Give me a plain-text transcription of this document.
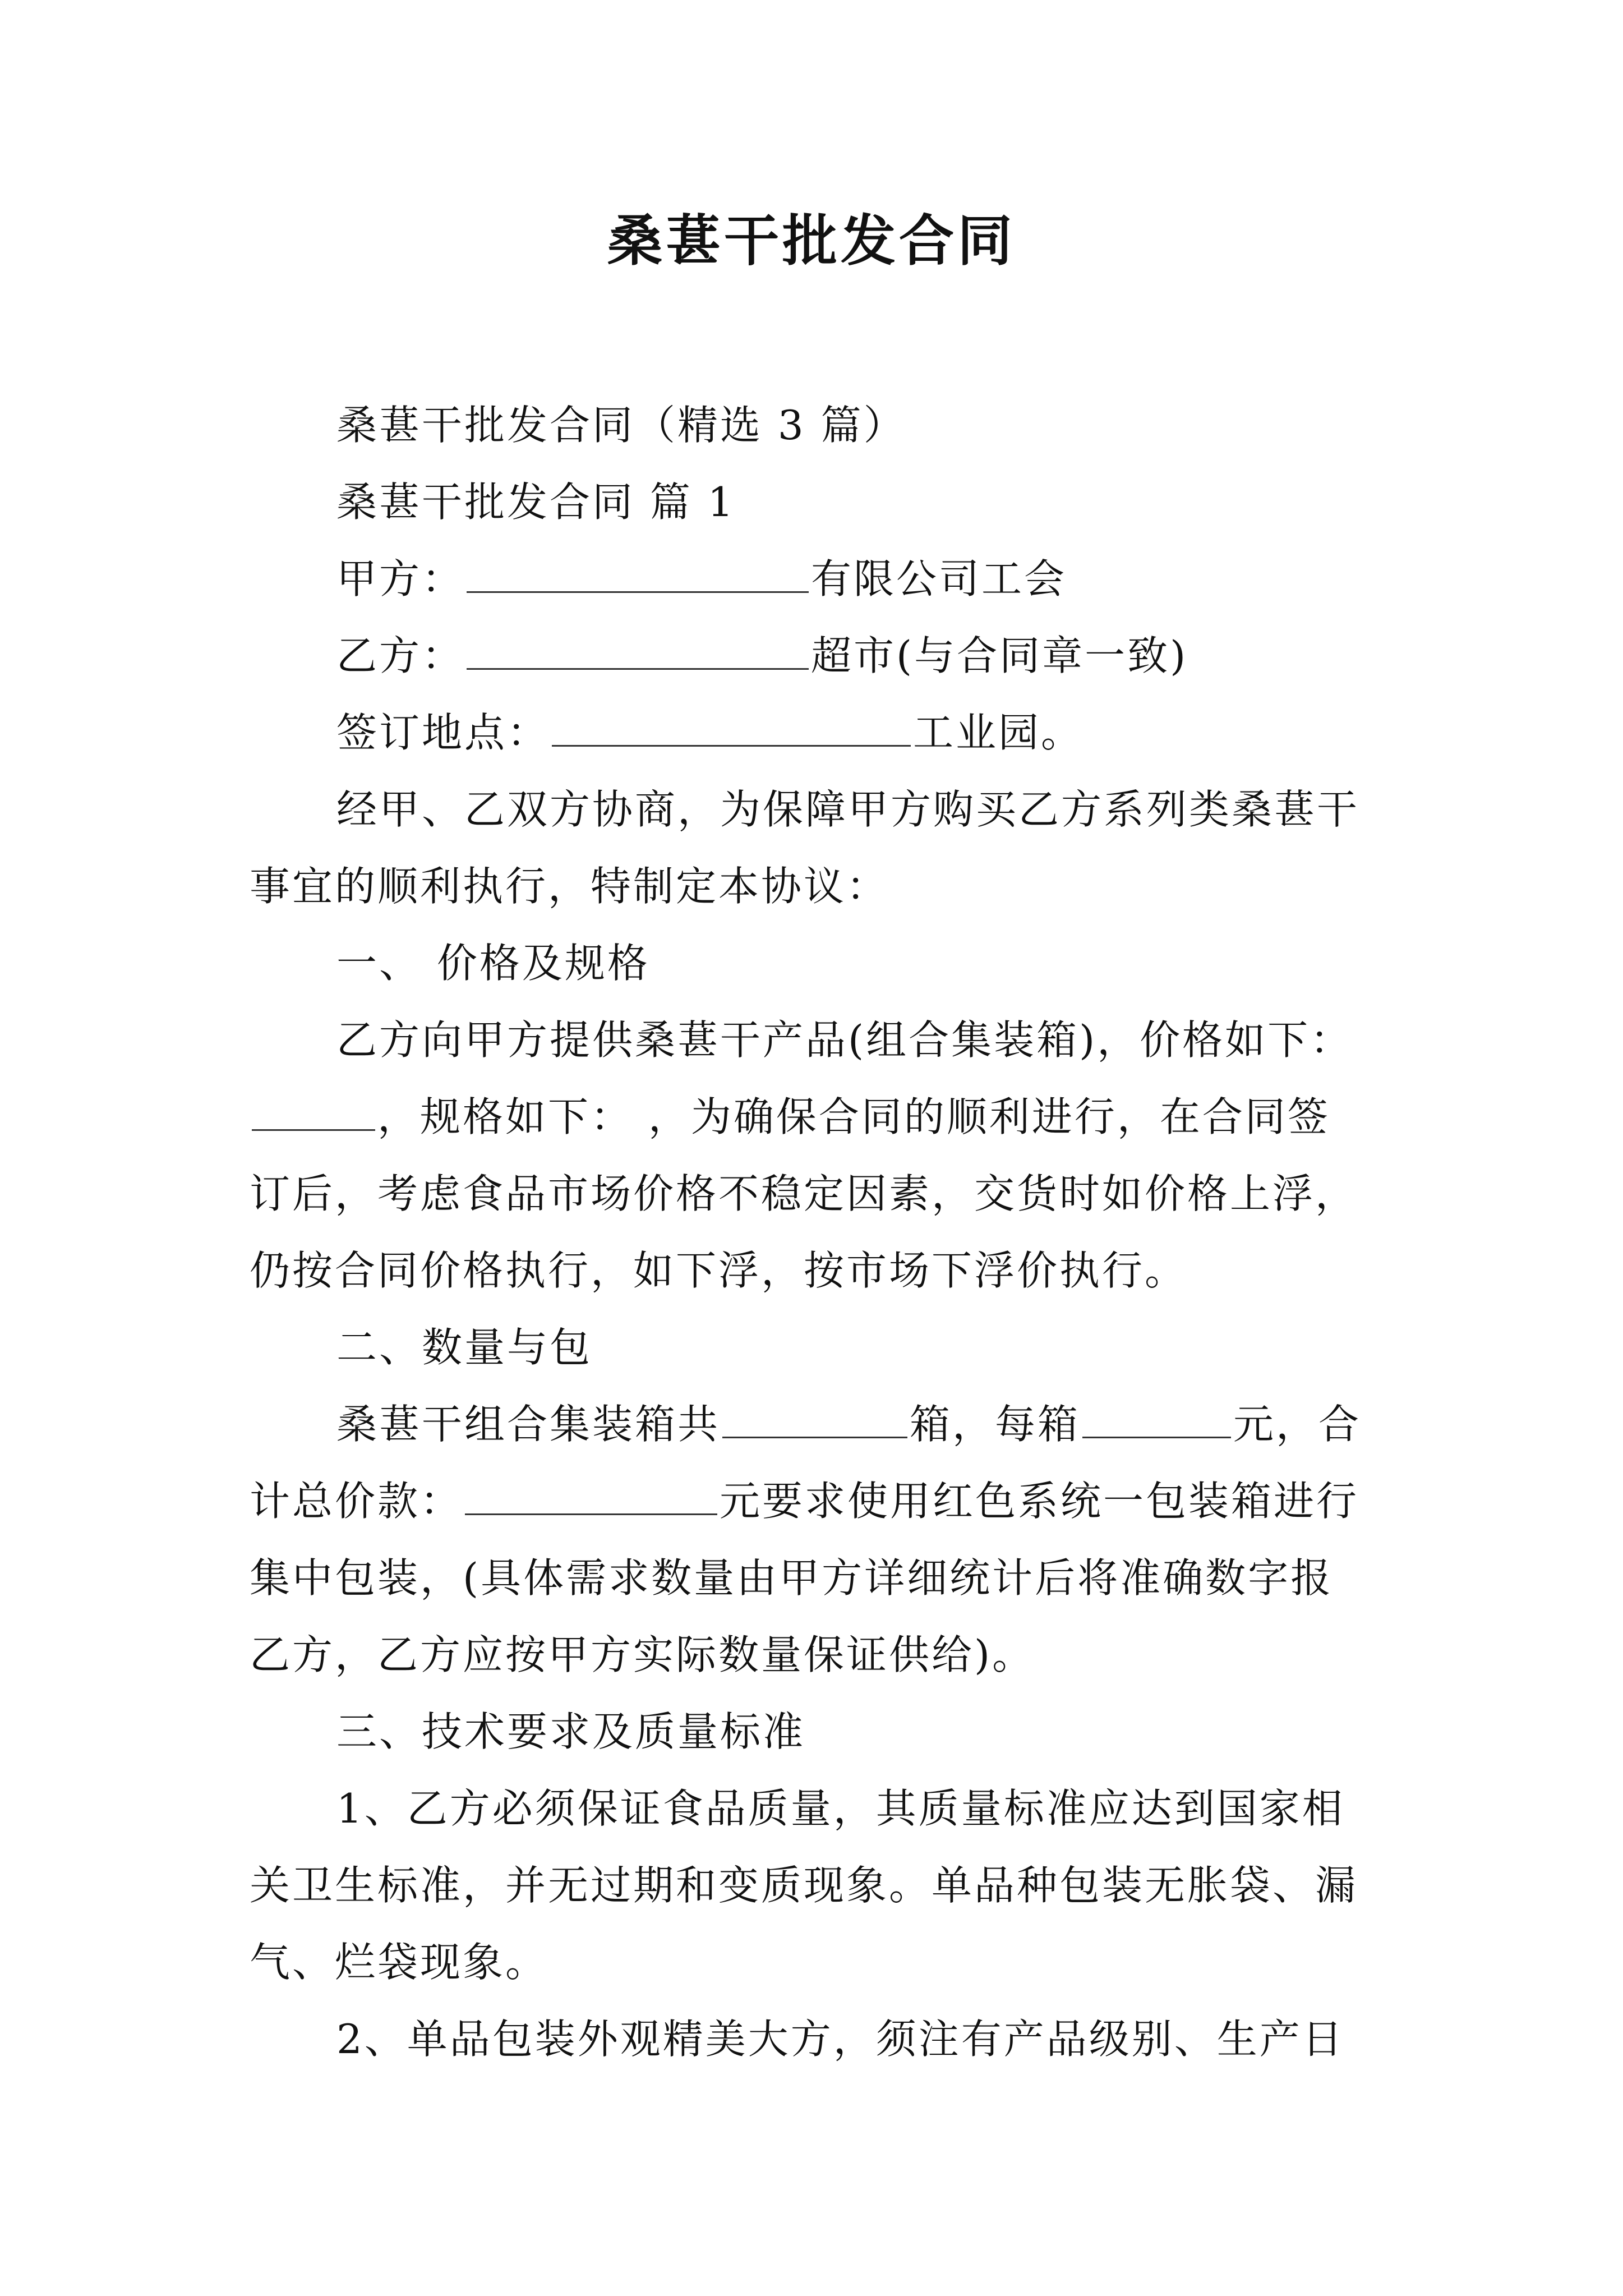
桑葚干批发合同
桑葚干批发合同（精选 3 篇）
桑葚干批发合同 篇 1
甲方：	有限公司工会
乙方：	超市(与合同章一致)
签订地点：	工业园。
经甲、乙双方协商，为保障甲方购买乙方系列类桑葚干
事宜的顺利执行，特制定本协议：
一、 价格及规格
乙方向甲方提供桑葚干产品(组合集装箱)，价格如下：
，规格如下： ，为确保合同的顺利进行，在合同签
订后，考虑食品市场价格不稳定因素，交货时如价格上浮，
仍按合同价格执行，如下浮，按市场下浮价执行。
二、数量与包
桑葚干组合集装箱共	箱，每箱	元，合
计总价款：	元要求使用红色系统一包装箱进行
集中包装，(具体需求数量由甲方详细统计后将准确数字报
乙方，乙方应按甲方实际数量保证供给)。
三、技术要求及质量标准
1、乙方必须保证食品质量，其质量标准应达到国家相
关卫生标准，并无过期和变质现象。单品种包装无胀袋、漏
气、烂袋现象。
2、单品包装外观精美大方，须注有产品级别、生产日
